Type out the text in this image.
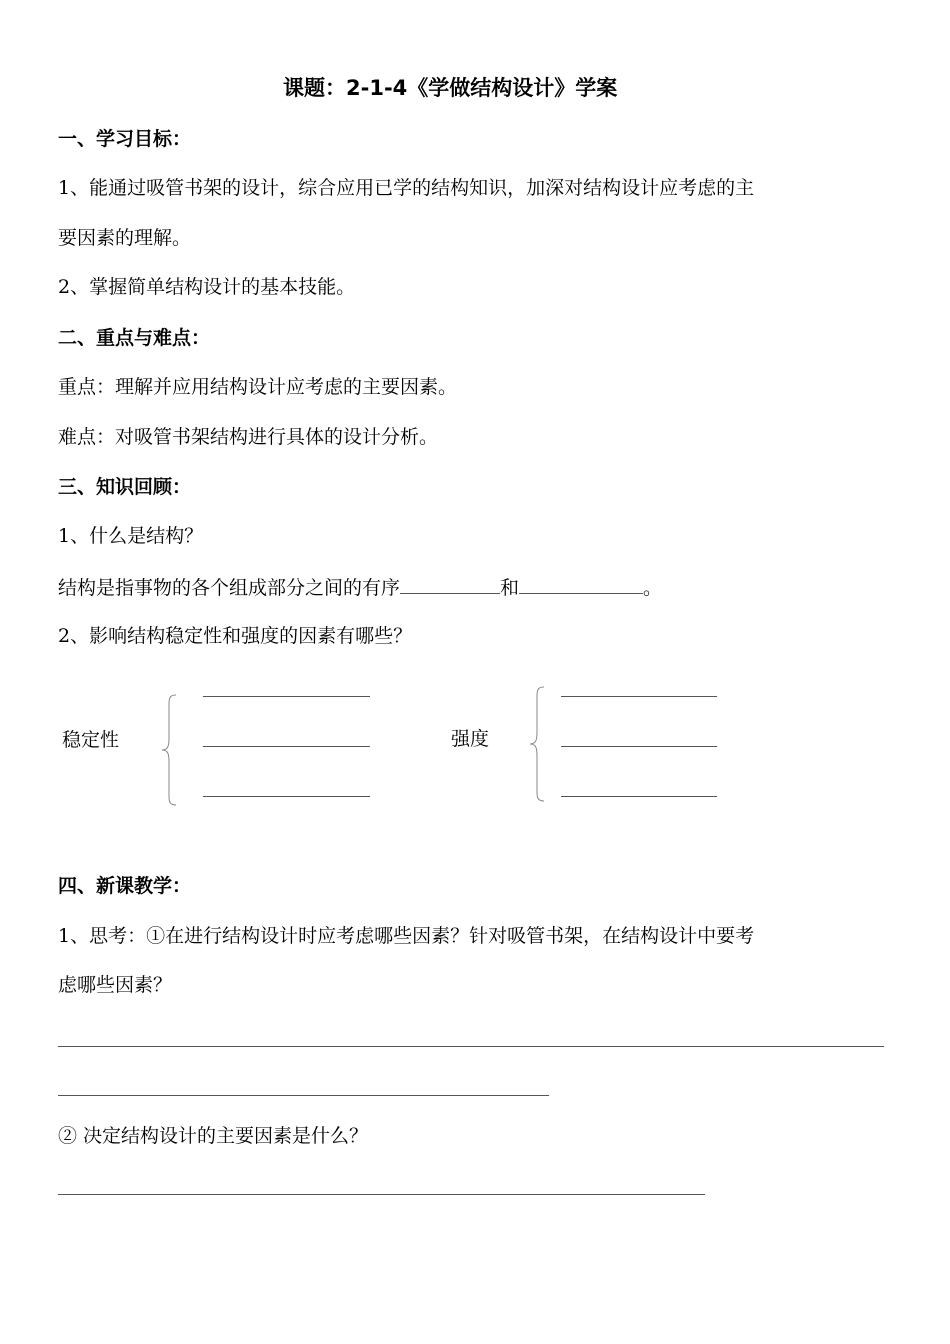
课题：2-1-4《学做结构设计》学案
一、学习目标：
1、能通过吸管书架的设计，综合应用已学的结构知识，加深对结构设计应考虑的主
要因素的理解。
2、掌握简单结构设计的基本技能。
二、重点与难点：
重点：理解并应用结构设计应考虑的主要因素。
难点：对吸管书架结构进行具体的设计分析。
三、知识回顾：
1、什么是结构？
结构是指事物的各个组成部分之间的有序	和	。
2、影响结构稳定性和强度的因素有哪些？
稳定性	强度
四、新课教学：
1、思考：①在进行结构设计时应考虑哪些因素？针对吸管书架，在结构设计中要考
虑哪些因素？
② 决定结构设计的主要因素是什么？
